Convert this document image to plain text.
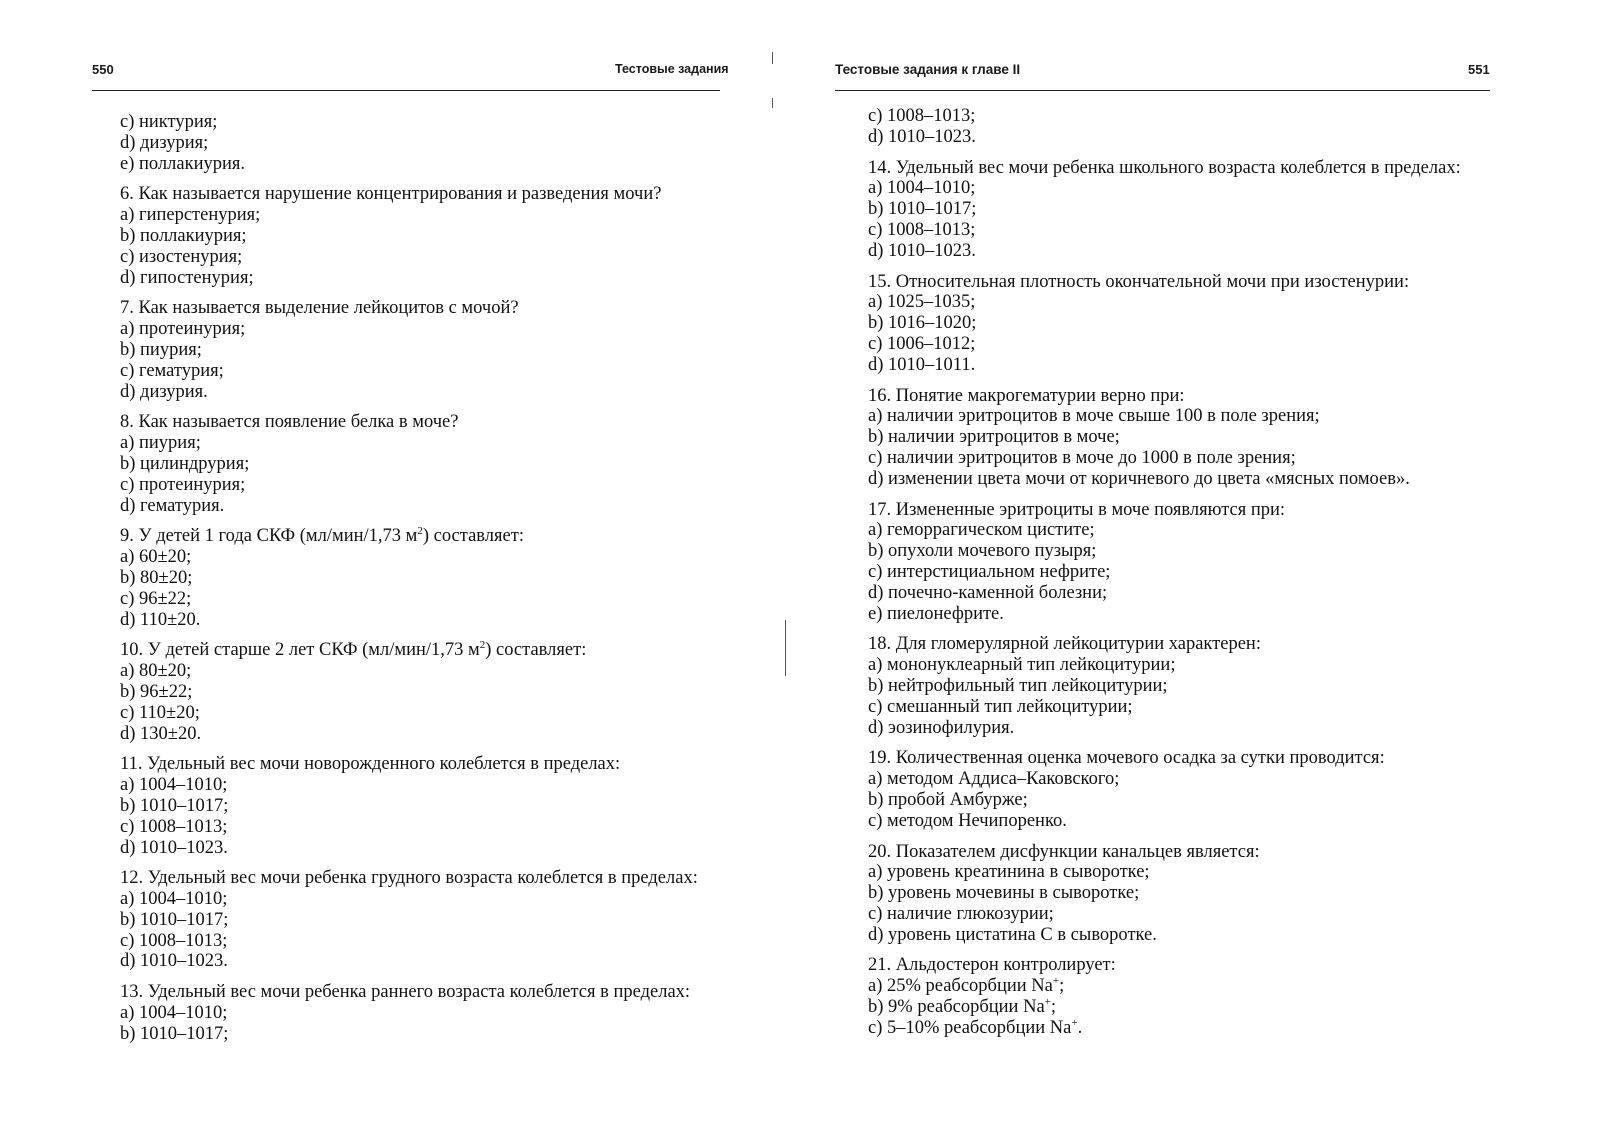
550	Тестовые задания
c) никтурия;
d) дизурия;
e) поллакиурия.

6. Как называется нарушение концентрирования и разведения мочи?

a) гиперстенурия;
b) поллакиурия;
c) изостенурия;
d) гипостенурия;

7. Как называется выделение лейкоцитов с мочой?

a) протеинурия;
b) пиурия;
c) гематурия;
d) дизурия.

8. Как называется появление белка в моче?

a) пиурия;
b) цилиндрурия;
c) протеинурия;
d) гематурия.

9. У детей 1 года СКФ (мл/мин/1,73 $м^2$) составляет:

a) 60±20;
b) 80±20;
c) 96±22;
d) 110±20.

10. У детей старше 2 лет СКФ (мл/мин/1,73 $м^2$) составляет:

a) 80±20;
b) 96±22;
c) 110±20;
d) 130±20.

11. Удельный вес мочи новорожденного колеблется в пределах:

a) 1004–1010;
b) 1010–1017;
c) 1008–1013;
d) 1010–1023.

12. Удельный вес мочи ребенка грудного возраста колеблется в пределах:

a) 1004–1010;
b) 1010–1017;
c) 1008–1013;
d) 1010–1023.

13. Удельный вес мочи ребенка раннего возраста колеблется в пределах:

a) 1004–1010;
b) 1010–1017;
Тестовые задания к главе II	551
c) 1008–1013;
d) 1010–1023.

14. Удельный вес мочи ребенка школьного возраста колеблется в пределах:

a) 1004–1010;
b) 1010–1017;
c) 1008–1013;
d) 1010–1023.

15. Относительная плотность окончательной мочи при изостенурии:

a) 1025–1035;
b) 1016–1020;
c) 1006–1012;
d) 1010–1011.

16. Понятие макрогематурии верно при:

a) наличии эритроцитов в моче свыше 100 в поле зрения;
b) наличии эритроцитов в моче;
c) наличии эритроцитов в моче до 1000 в поле зрения;
d) изменении цвета мочи от коричневого до цвета «мясных помоев».

17. Измененные эритроциты в моче появляются при:

a) геморрагическом цистите;
b) опухоли мочевого пузыря;
c) интерстициальном нефрите;
d) почечно-каменной болезни;
e) пиелонефрите.

18. Для гломерулярной лейкоцитурии характерен:

a) мононуклеарный тип лейкоцитурии;
b) нейтрофильный тип лейкоцитурии;
c) смешанный тип лейкоцитурии;
d) эозинофилурия.

19. Количественная оценка мочевого осадка за сутки проводится:

a) методом Аддиса–Каковского;
b) пробой Амбурже;
c) методом Нечипоренко.

20. Показателем дисфункции канальцев является:

a) уровень креатинина в сыворотке;
b) уровень мочевины в сыворотке;
c) наличие глюкозурии;
d) уровень цистатина С в сыворотке.

21. Альдостерон контролирует:

a) 25% реабсорбции Na+;
b) 9% реабсорбции Na+;
c) 5–10% реабсорбции Na+.
